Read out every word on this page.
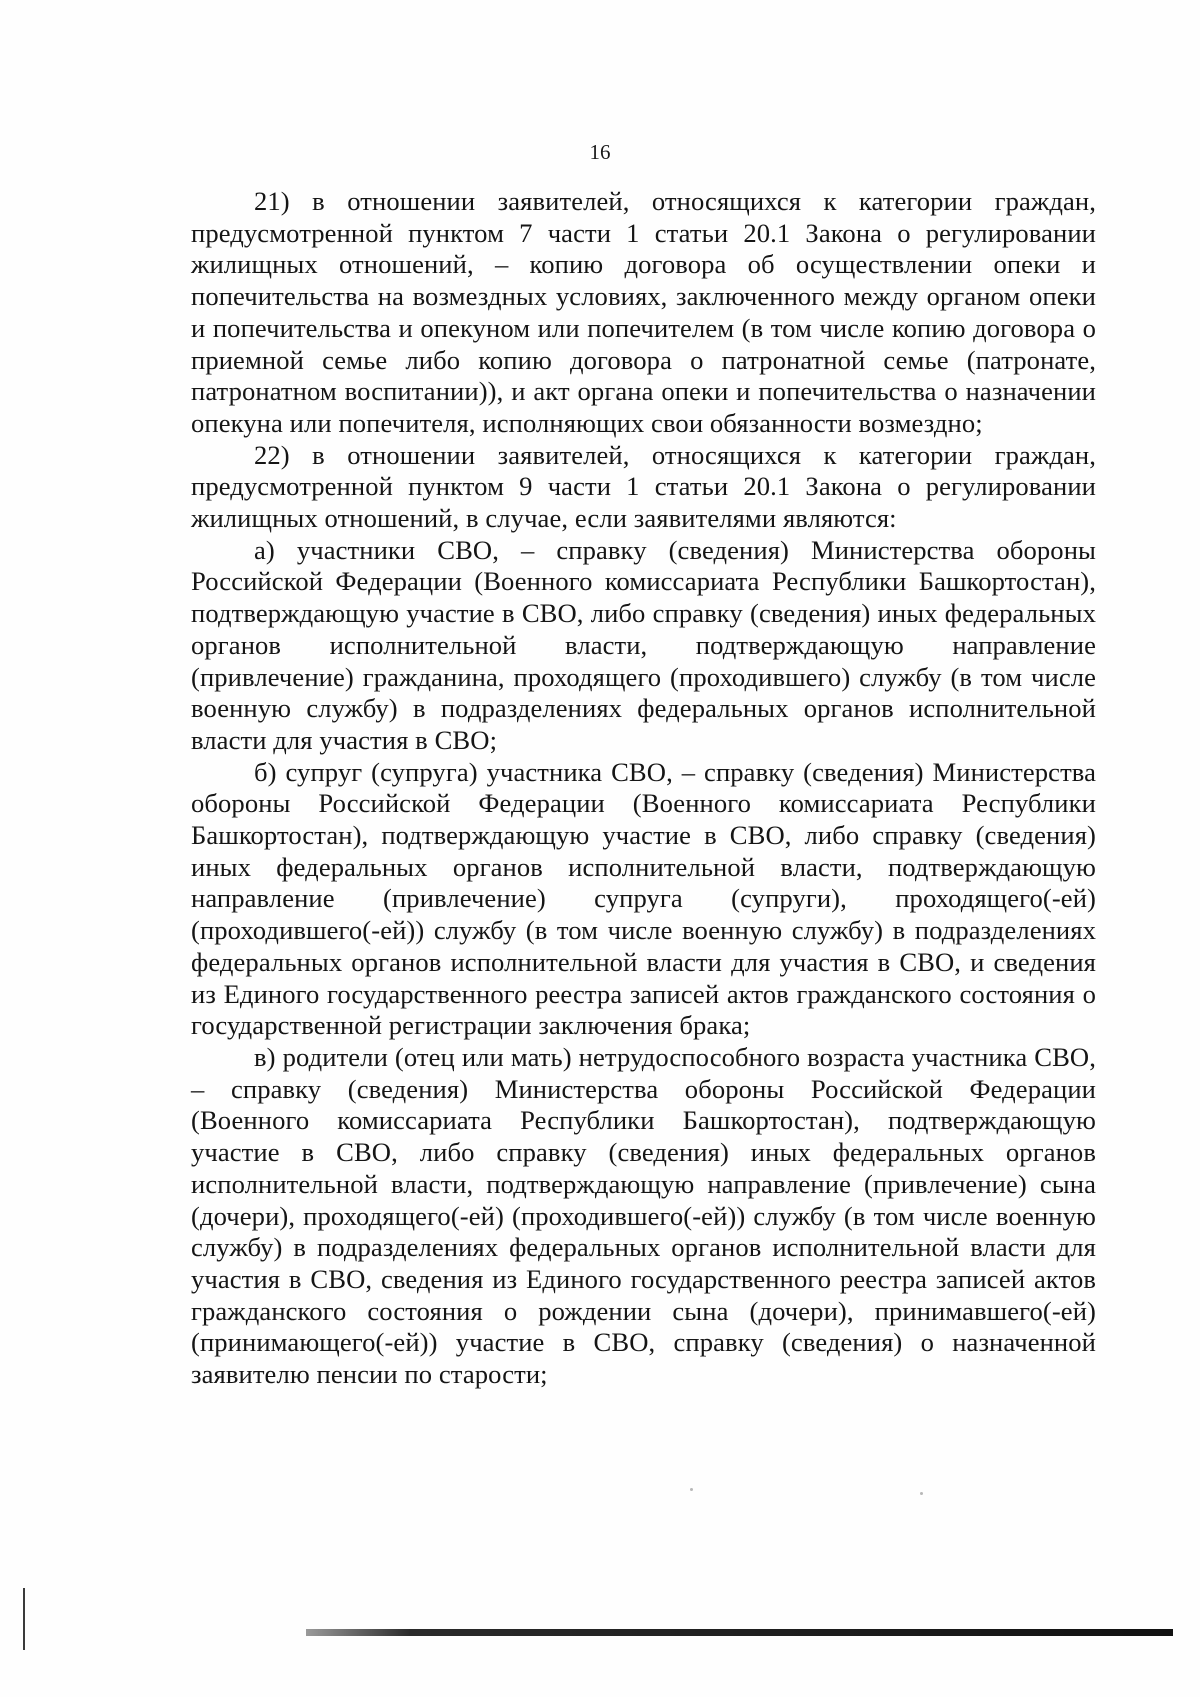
16

21) в отношении заявителей, относящихся к категории граждан, предусмотренной пунктом 7 части 1 статьи 20.1 Закона о регулировании жилищных отношений, – копию договора об осуществлении опеки и попечительства на возмездных условиях, заключенного между органом опеки и попечительства и опекуном или попечителем (в том числе копию договора о приемной семье либо копию договора о патронатной семье (патронате, патронатном воспитании)), и акт органа опеки и попечительства о назначении опекуна или попечителя, исполняющих свои обязанности возмездно;

22) в отношении заявителей, относящихся к категории граждан, предусмотренной пунктом 9 части 1 статьи 20.1 Закона о регулировании жилищных отношений, в случае, если заявителями являются:

а) участники СВО, – справку (сведения) Министерства обороны Российской Федерации (Военного комиссариата Республики Башкортостан), подтверждающую участие в СВО, либо справку (сведения) иных федеральных органов исполнительной власти, подтверждающую направление (привлечение) гражданина, проходящего (проходившего) службу (в том числе военную службу) в подразделениях федеральных органов исполнительной власти для участия в СВО;

б) супруг (супруга) участника СВО, – справку (сведения) Министерства обороны Российской Федерации (Военного комиссариата Республики Башкортостан), подтверждающую участие в СВО, либо справку (сведения) иных федеральных органов исполнительной власти, подтверждающую направление (привлечение) супруга (супруги), проходящего(-ей) (проходившего(-ей)) службу (в том числе военную службу) в подразделениях федеральных органов исполнительной власти для участия в СВО, и сведения из Единого государственного реестра записей актов гражданского состояния о государственной регистрации заключения брака;

в) родители (отец или мать) нетрудоспособного возраста участника СВО, – справку (сведения) Министерства обороны Российской Федерации (Военного комиссариата Республики Башкортостан), подтверждающую участие в СВО, либо справку (сведения) иных федеральных органов исполнительной власти, подтверждающую направление (привлечение) сына (дочери), проходящего(-ей) (проходившего(-ей)) службу (в том числе военную службу) в подразделениях федеральных органов исполнительной власти для участия в СВО, сведения из Единого государственного реестра записей актов гражданского состояния о рождении сына (дочери), принимавшего(-ей) (принимающего(-ей)) участие в СВО, справку (сведения) о назначенной заявителю пенсии по старости;
